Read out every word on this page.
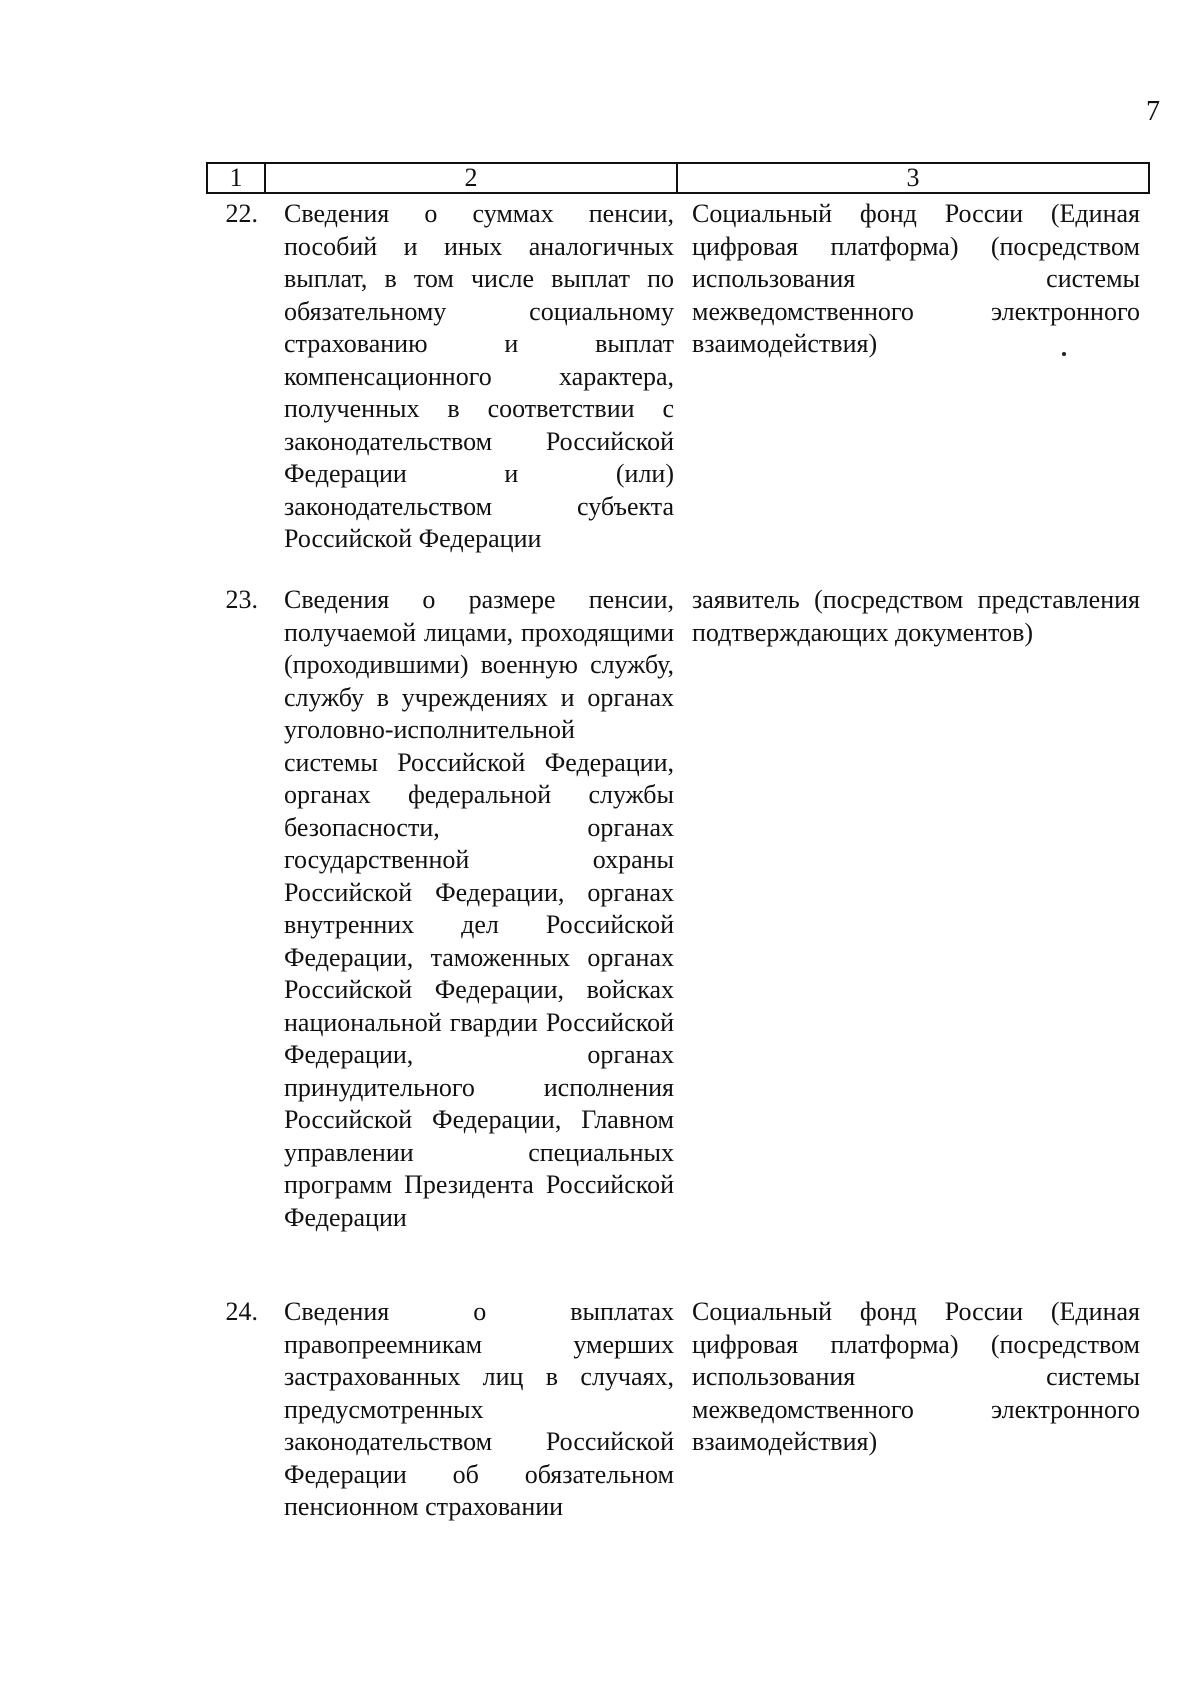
7
1	2	3
22. Сведения о суммах пенсии, пособий и иных аналогичных выплат, в том числе выплат по обязательному социальному страхованию и выплат компенсационного характера, полученных в соответствии с законодательством Российской Федерации и (или) законодательством субъекта Российской Федерации
Социальный фонд России (Единая цифровая платформа) (посредством использования системы межведомственного электронного взаимодействия)
23. Сведения о размере пенсии, получаемой лицами, проходящими (проходившими) военную службу, службу в учреждениях и органах уголовно-исполнительной системы Российской Федерации, органах федеральной службы безопасности, органах государственной охраны Российской Федерации, органах внутренних дел Российской Федерации, таможенных органах Российской Федерации, войсках национальной гвардии Российской Федерации, органах принудительного исполнения Российской Федерации, Главном управлении специальных программ Президента Российской Федерации
заявитель (посредством представления подтверждающих документов)
24. Сведения о выплатах правопреемникам умерших застрахованных лиц в случаях, предусмотренных законодательством Российской Федерации об обязательном пенсионном страховании
Социальный фонд России (Единая цифровая платформа) (посредством использования системы межведомственного электронного взаимодействия)
